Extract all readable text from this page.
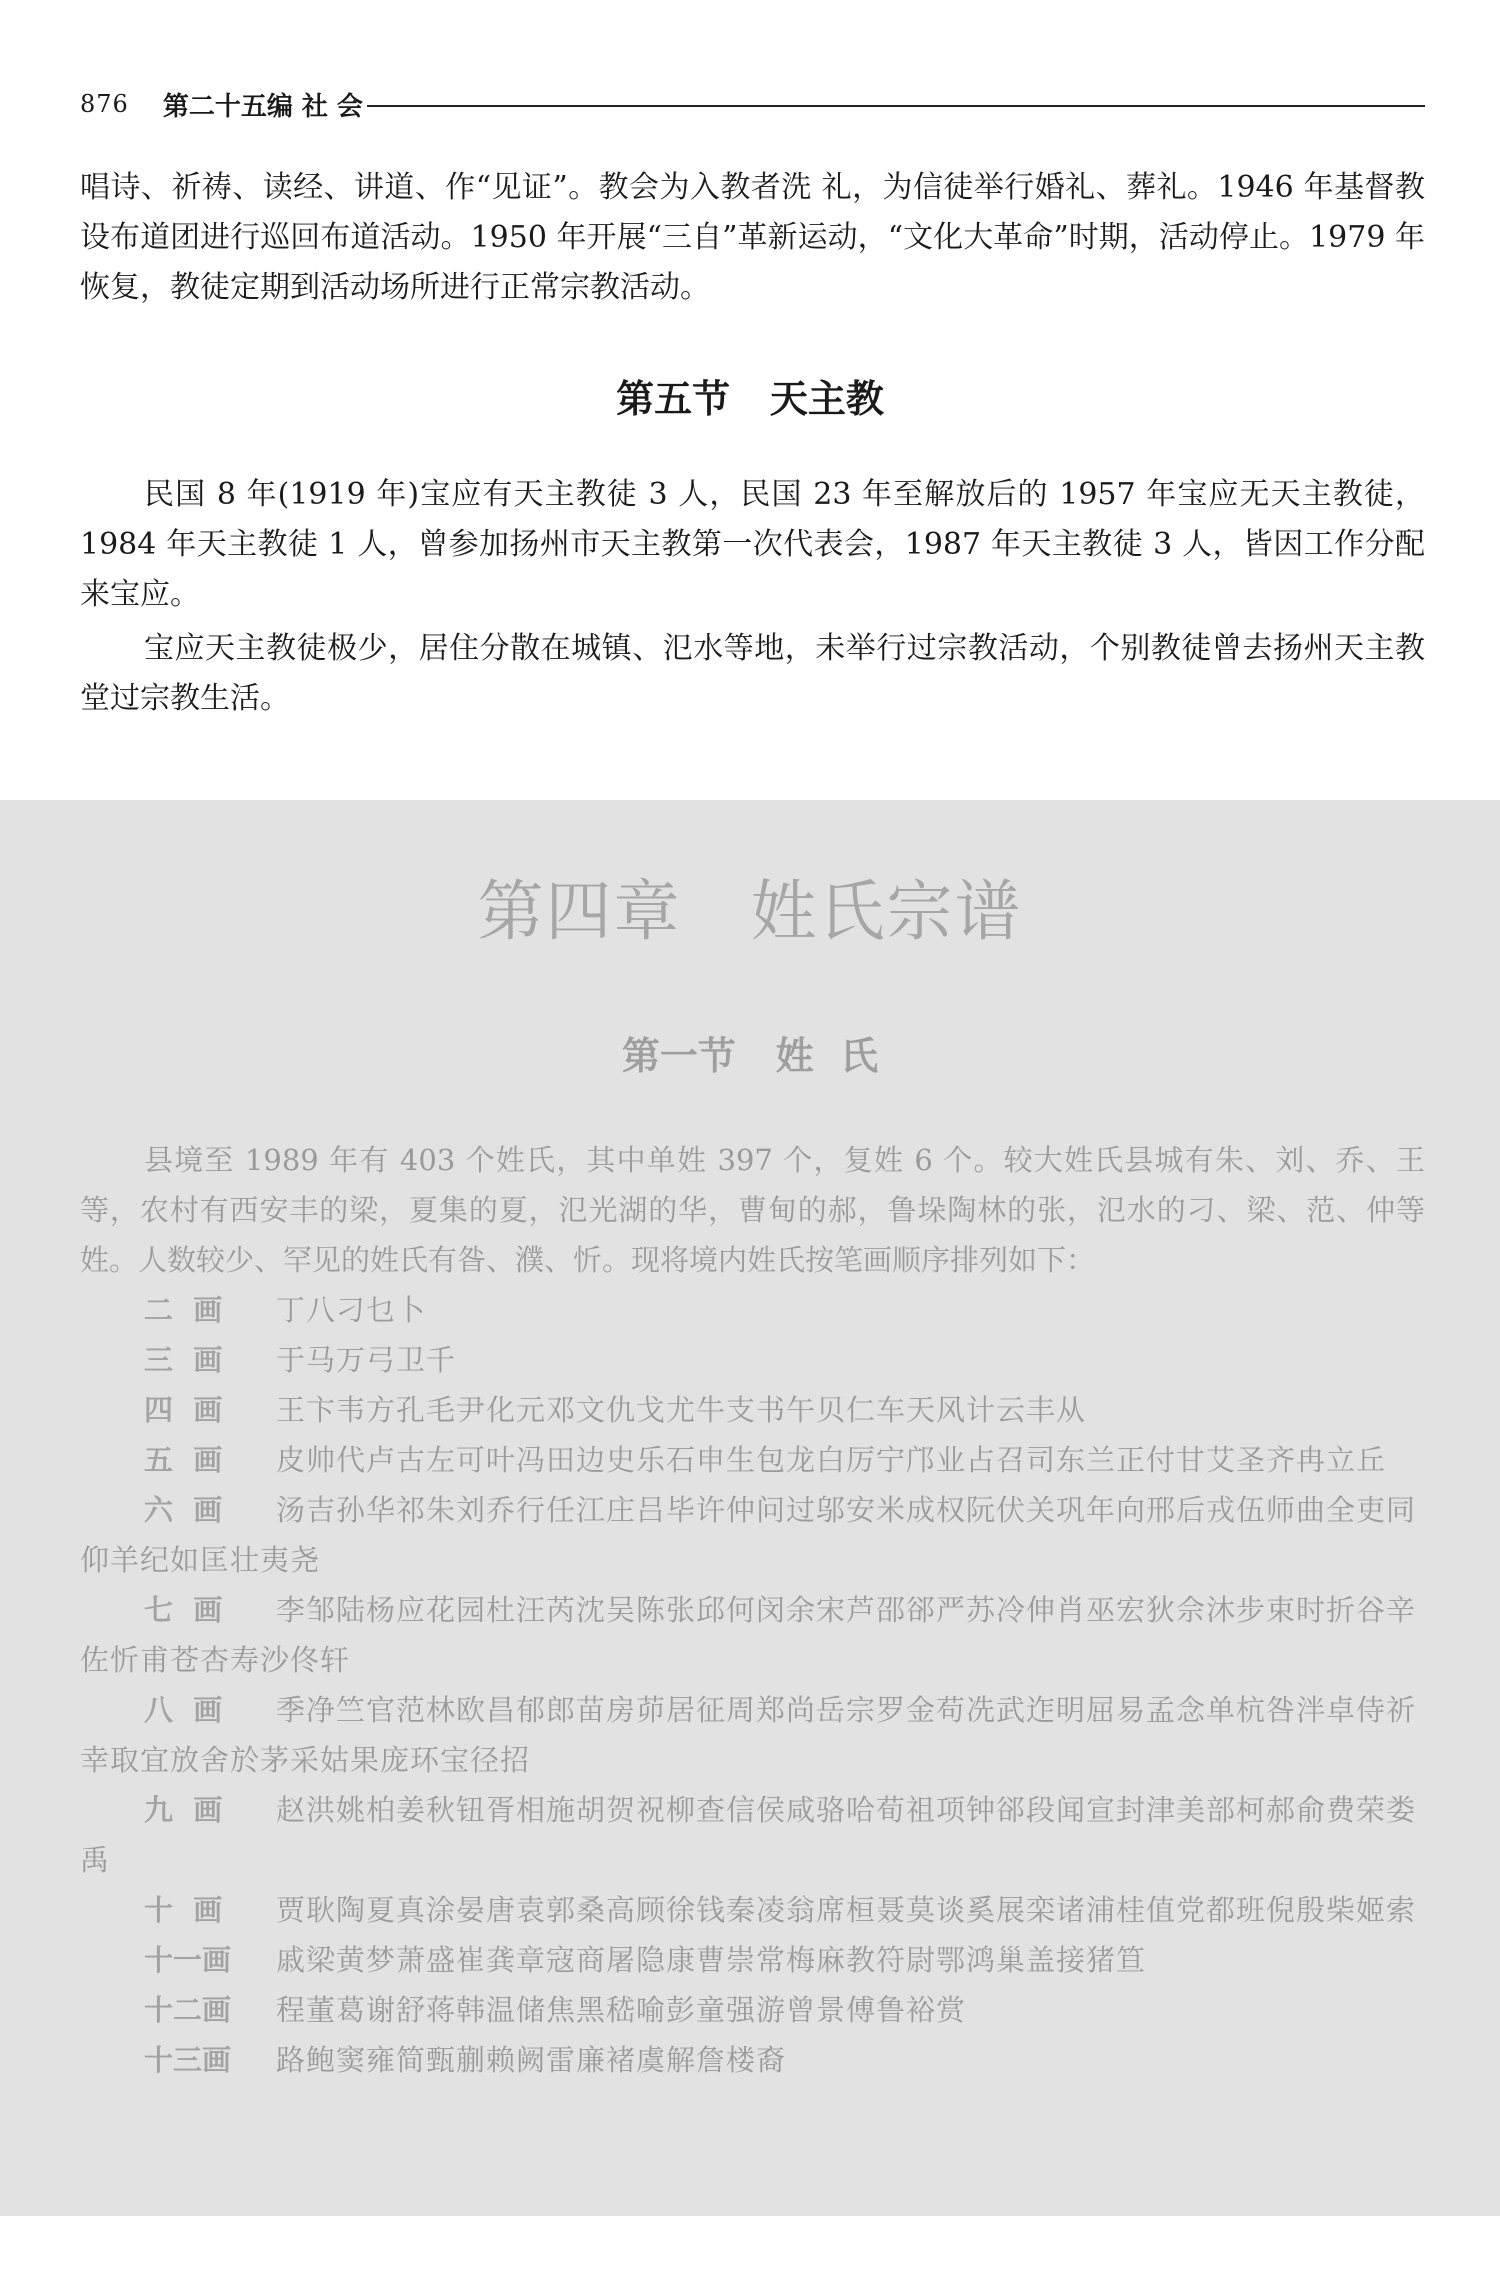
876 第二十五编 社 会
唱诗、祈祷、读经、讲道、作“见证”。教会为入教者洗 礼，为信徒举行婚礼、葬礼。1946 年基督教设布道团进行巡回布道活动。1950 年开展“三自”革新运动，“文化大革命”时期，活动停止。1979 年恢复，教徒定期到活动场所进行正常宗教活动。
第五节   天主教
民国 8 年(1919 年)宝应有天主教徒 3 人，民国 23 年至解放后的 1957 年宝应无天主教徒，1984 年天主教徒 1 人，曾参加扬州市天主教第一次代表会，1987 年天主教徒 3 人，皆因工作分配来宝应。
宝应天主教徒极少，居住分散在城镇、氾水等地，未举行过宗教活动，个别教徒曾去扬州天主教堂过宗教生活。
第四章   姓氏宗谱
第一节   姓  氏
县境至 1989 年有 403 个姓氏，其中单姓 397 个，复姓 6 个。较大姓氏县城有朱、刘、乔、王等，农村有西安丰的梁，夏集的夏，氾光湖的华，曹甸的郝，鲁垛陶林的张，氾水的刁、梁、范、仲等姓。人数较少、罕见的姓氏有昝、濮、忻。现将境内姓氏按笔画顺序排列如下：
二  画 丁八刁乜卜
三  画 于马万弓卫千
四  画 王卞韦方孔毛尹化元邓文仇戈尤牛支书午贝仁车天风计云丰从
五  画 皮帅代卢古左可叶冯田边史乐石申生包龙白厉宁邝业占召司东兰正付甘艾圣齐冉立丘
六  画 汤吉孙华祁朱刘乔行任江庄吕毕许仲问过邬安米成权阮伏关巩年向邢后戎伍师曲全吏同仰羊纪如匡壮夷尧
七  画 李邹陆杨应花园杜汪芮沈吴陈张邱何闵余宋芦邵郤严苏冷伸肖巫宏狄佘沐步束时折谷辛佐忻甫苍杏寿沙佟轩
八  画 季净竺官范林欧昌郁郎苗房茆居征周郑尚岳宗罗金苟冼武迮明屈易孟念单杭咎泮卓侍祈幸取宜放舍於茅采姑果庞环宝径招
九  画 赵洪姚柏姜秋钮胥相施胡贺祝柳查信侯咸骆哈荀祖项钟郤段闻宣封津美部柯郝俞费荣娄禹
十  画 贾耿陶夏真涂晏唐袁郭桑高顾徐钱秦凌翁席桓聂莫谈奚展栾诸浦桂值党都班倪殷柴姬索
十一画 戚梁黄梦萧盛崔龚章寇商屠隐康曹崇常梅麻教符尉鄂鸿巢盖接猪笪
十二画 程董葛谢舒蒋韩温储焦黑嵇喻彭童强游曾景傅鲁裕赏
十三画 路鲍窦雍简甄蒯赖阙雷廉褚虞解詹楼裔
